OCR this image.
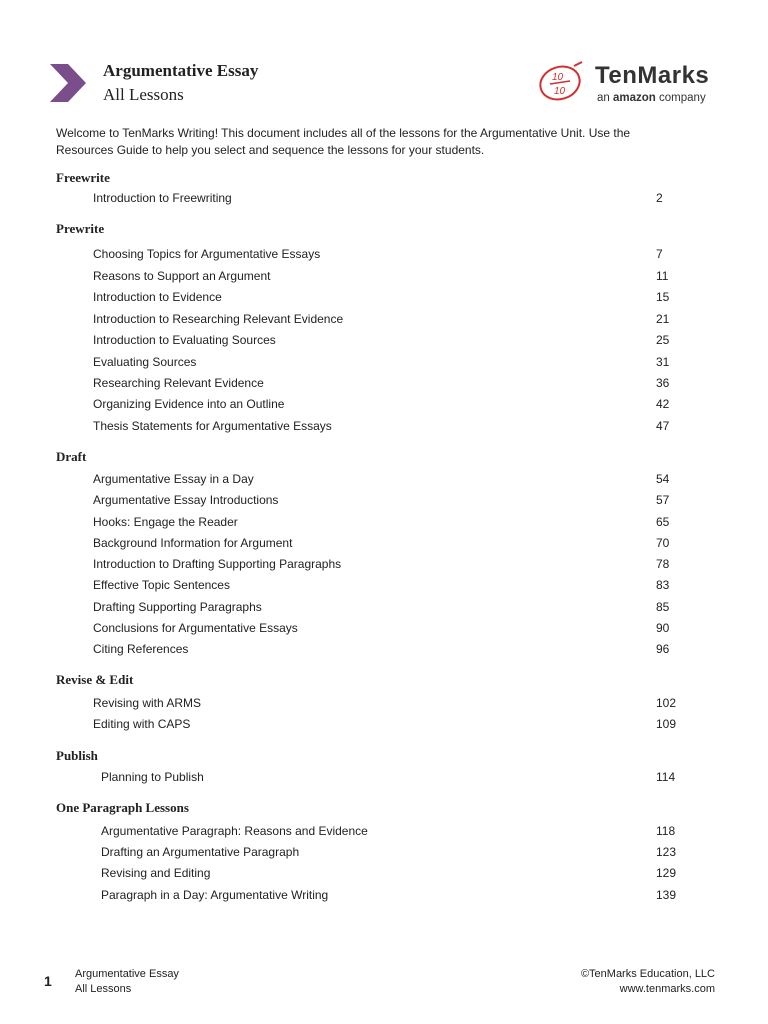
Argumentative Essay
All Lessons
10
10
TenMarks
an amazon company
Welcome to TenMarks Writing! This document includes all of the lessons for the Argumentative Unit. Use the Resources Guide to help you select and sequence the lessons for your students.
Freewrite
Introduction to Freewriting	2
Prewrite
Choosing Topics for Argumentative Essays	7
Reasons to Support an Argument	11
Introduction to Evidence	15
Introduction to Researching Relevant Evidence	21
Introduction to Evaluating Sources	25
Evaluating Sources	31
Researching Relevant Evidence	36
Organizing Evidence into an Outline	42
Thesis Statements for Argumentative Essays	47
Draft
Argumentative Essay in a Day	54
Argumentative Essay Introductions	57
Hooks: Engage the Reader	65
Background Information for Argument	70
Introduction to Drafting Supporting Paragraphs	78
Effective Topic Sentences	83
Drafting Supporting Paragraphs	85
Conclusions for Argumentative Essays	90
Citing References	96
Revise & Edit
Revising with ARMS	102
Editing with CAPS	109
Publish
Planning to Publish	114
One Paragraph Lessons
Argumentative Paragraph: Reasons and Evidence	118
Drafting an Argumentative Paragraph	123
Revising and Editing	129
Paragraph in a Day: Argumentative Writing	139
1 Argumentative Essay
All Lessons
©TenMarks Education, LLC
www.tenmarks.com
